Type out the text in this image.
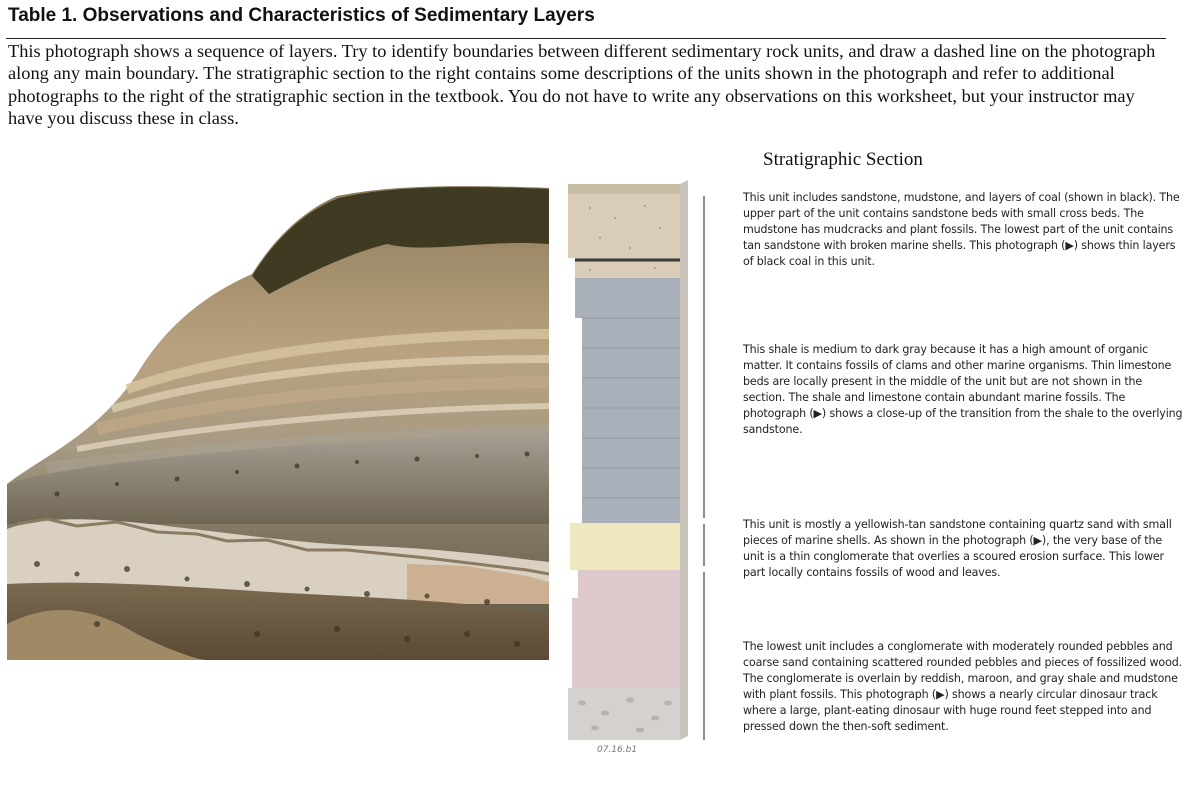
Table 1. Observations and Characteristics of Sedimentary Layers
This photograph shows a sequence of layers. Try to identify boundaries between different sedimentary rock units, and draw a dashed line on the photograph along any main boundary. The stratigraphic section to the right contains some descriptions of the units shown in the photograph and refer to additional photographs to the right of the stratigraphic section in the textbook. You do not have to write any observations on this worksheet, but your instructor may have you discuss these in class.
Stratigraphic Section
07.16.b1
This unit includes sandstone, mudstone, and layers of coal (shown in black). The upper part of the unit contains sandstone beds with small cross beds. The mudstone has mudcracks and plant fossils. The lowest part of the unit contains tan sandstone with broken marine shells. This photograph (▶) shows thin layers of black coal in this unit.
This shale is medium to dark gray because it has a high amount of organic matter. It contains fossils of clams and other marine organisms. Thin limestone beds are locally present in the middle of the unit but are not shown in the section. The shale and limestone contain abundant marine fossils. The photograph (▶) shows a close-up of the transition from the shale to the overlying sandstone.
This unit is mostly a yellowish-tan sandstone containing quartz sand with small pieces of marine shells. As shown in the photograph (▶), the very base of the unit is a thin conglomerate that overlies a scoured erosion surface. This lower part locally contains fossils of wood and leaves.
The lowest unit includes a conglomerate with moderately rounded pebbles and coarse sand containing scattered rounded pebbles and pieces of fossilized wood. The conglomerate is overlain by reddish, maroon, and gray shale and mudstone with plant fossils. This photograph (▶) shows a nearly circular dinosaur track where a large, plant-eating dinosaur with huge round feet stepped into and pressed down the then-soft sediment.
